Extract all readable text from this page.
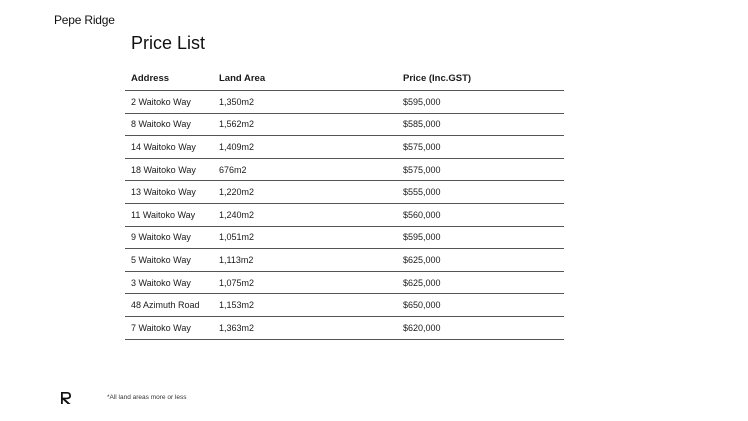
Pepe Ridge
Price List
Address	Land Area	Price (Inc.GST)
2 Waitoko Way	1,350m2	$595,000
8 Waitoko Way	1,562m2	$585,000
14 Waitoko Way	1,409m2	$575,000
18 Waitoko Way	676m2	$575,000
13 Waitoko Way	1,220m2	$555,000
11 Waitoko Way	1,240m2	$560,000
9 Waitoko Way	1,051m2	$595,000
5 Waitoko Way	1,113m2	$625,000
3 Waitoko Way	1,075m2	$625,000
48 Azimuth Road	1,153m2	$650,000
7 Waitoko Way	1,363m2	$620,000
*All land areas more or less
